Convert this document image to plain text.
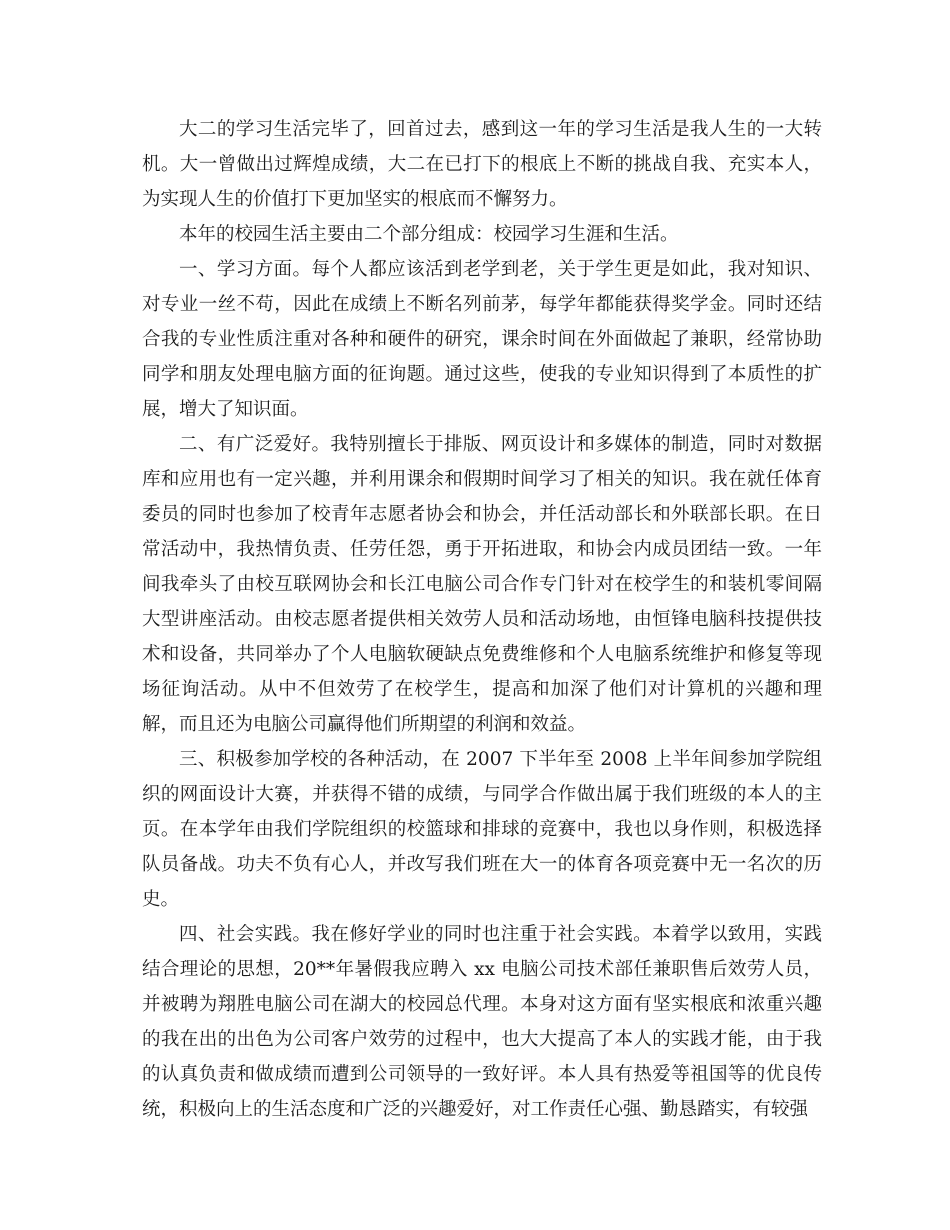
大二的学习生活完毕了，回首过去，感到这一年的学习生活是我人生的一大转机。大一曾做出过辉煌成绩，大二在已打下的根底上不断的挑战自我、充实本人，为实现人生的价值打下更加坚实的根底而不懈努力。

本年的校园生活主要由二个部分组成：校园学习生涯和生活。

一、学习方面。每个人都应该活到老学到老，关于学生更是如此，我对知识、对专业一丝不苟，因此在成绩上不断名列前茅，每学年都能获得奖学金。同时还结合我的专业性质注重对各种和硬件的研究，课余时间在外面做起了兼职，经常协助同学和朋友处理电脑方面的征询题。通过这些，使我的专业知识得到了本质性的扩展，增大了知识面。

二、有广泛爱好。我特别擅长于排版、网页设计和多媒体的制造，同时对数据库和应用也有一定兴趣，并利用课余和假期时间学习了相关的知识。我在就任体育委员的同时也参加了校青年志愿者协会和协会，并任活动部长和外联部长职。在日常活动中，我热情负责、任劳任怨，勇于开拓进取，和协会内成员团结一致。一年间我牵头了由校互联网协会和长江电脑公司合作专门针对在校学生的和装机零间隔大型讲座活动。由校志愿者提供相关效劳人员和活动场地，由恒锋电脑科技提供技术和设备，共同举办了个人电脑软硬缺点免费维修和个人电脑系统维护和修复等现场征询活动。从中不但效劳了在校学生，提高和加深了他们对计算机的兴趣和理解，而且还为电脑公司赢得他们所期望的利润和效益。

三、积极参加学校的各种活动，在 2007 下半年至 2008 上半年间参加学院组织的网面设计大赛，并获得不错的成绩，与同学合作做出属于我们班级的本人的主页。在本学年由我们学院组织的校篮球和排球的竞赛中，我也以身作则，积极选择队员备战。功夫不负有心人，并改写我们班在大一的体育各项竞赛中无一名次的历史。

四、社会实践。我在修好学业的同时也注重于社会实践。本着学以致用，实践结合理论的思想，20**年暑假我应聘入 xx 电脑公司技术部任兼职售后效劳人员，并被聘为翔胜电脑公司在湖大的校园总代理。本身对这方面有坚实根底和浓重兴趣的我在出的出色为公司客户效劳的过程中，也大大提高了本人的实践才能，由于我的认真负责和做成绩而遭到公司领导的一致好评。本人具有热爱等祖国等的优良传统，积极向上的生活态度和广泛的兴趣爱好，对工作责任心强、勤恳踏实，有较强
